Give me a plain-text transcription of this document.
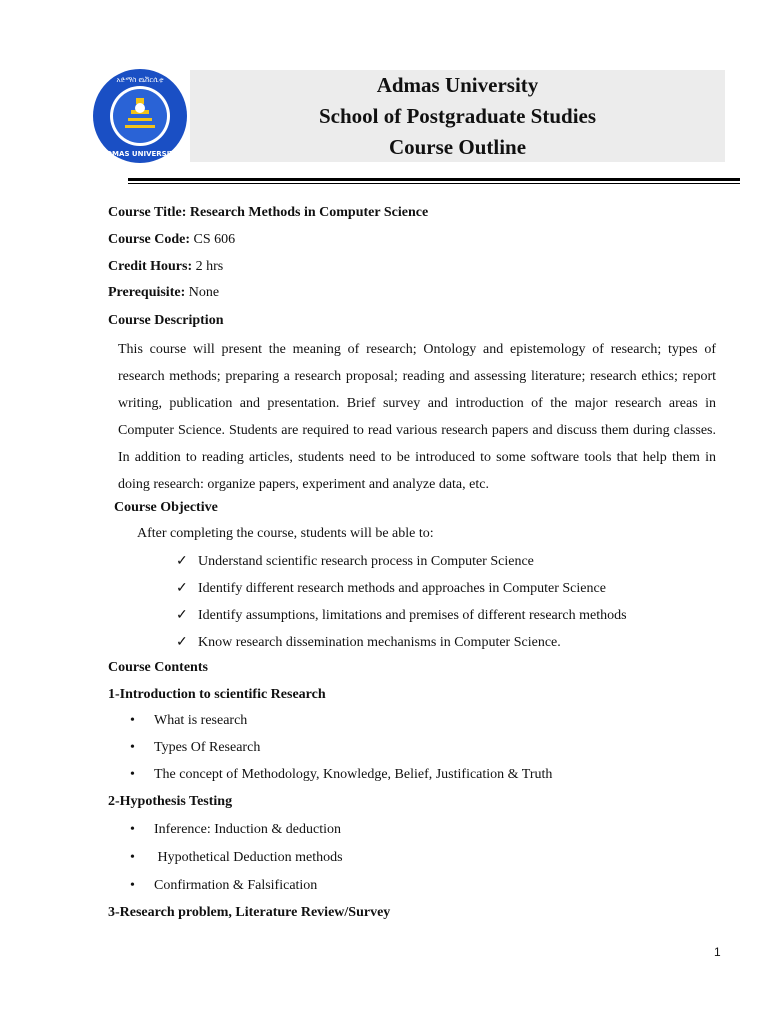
ADMAS UNIVERSITY
አድማስ ዩኒቨርሲቲ	Admas University
School of Postgraduate Studies
Course Outline
Course Title: Research Methods in Computer Science
Course Code: CS 606
Credit Hours: 2 hrs
Prerequisite: None
Course Description
This course will present the meaning of research; Ontology and epistemology of research; types of research methods; preparing a research proposal; reading and assessing literature; research ethics; report writing, publication and presentation. Brief survey and introduction of the major research areas in Computer Science. Students are required to read various research papers and discuss them during classes. In addition to reading articles, students need to be introduced to some software tools that help them in doing research: organize papers, experiment and analyze data, etc.
Course Objective
After completing the course, students will be able to:
✓ Understand scientific research process in Computer Science
✓ Identify different research methods and approaches in Computer Science
✓ Identify assumptions, limitations and premises of different research methods
✓ Know research dissemination mechanisms in Computer Science.
Course Contents
1-Introduction to scientific Research
• What is research
• Types Of Research
• The concept of Methodology, Knowledge, Belief, Justification & Truth
2-Hypothesis Testing
• Inference: Induction & deduction
• Hypothetical Deduction methods
• Confirmation & Falsification
3-Research problem, Literature Review/Survey
1
